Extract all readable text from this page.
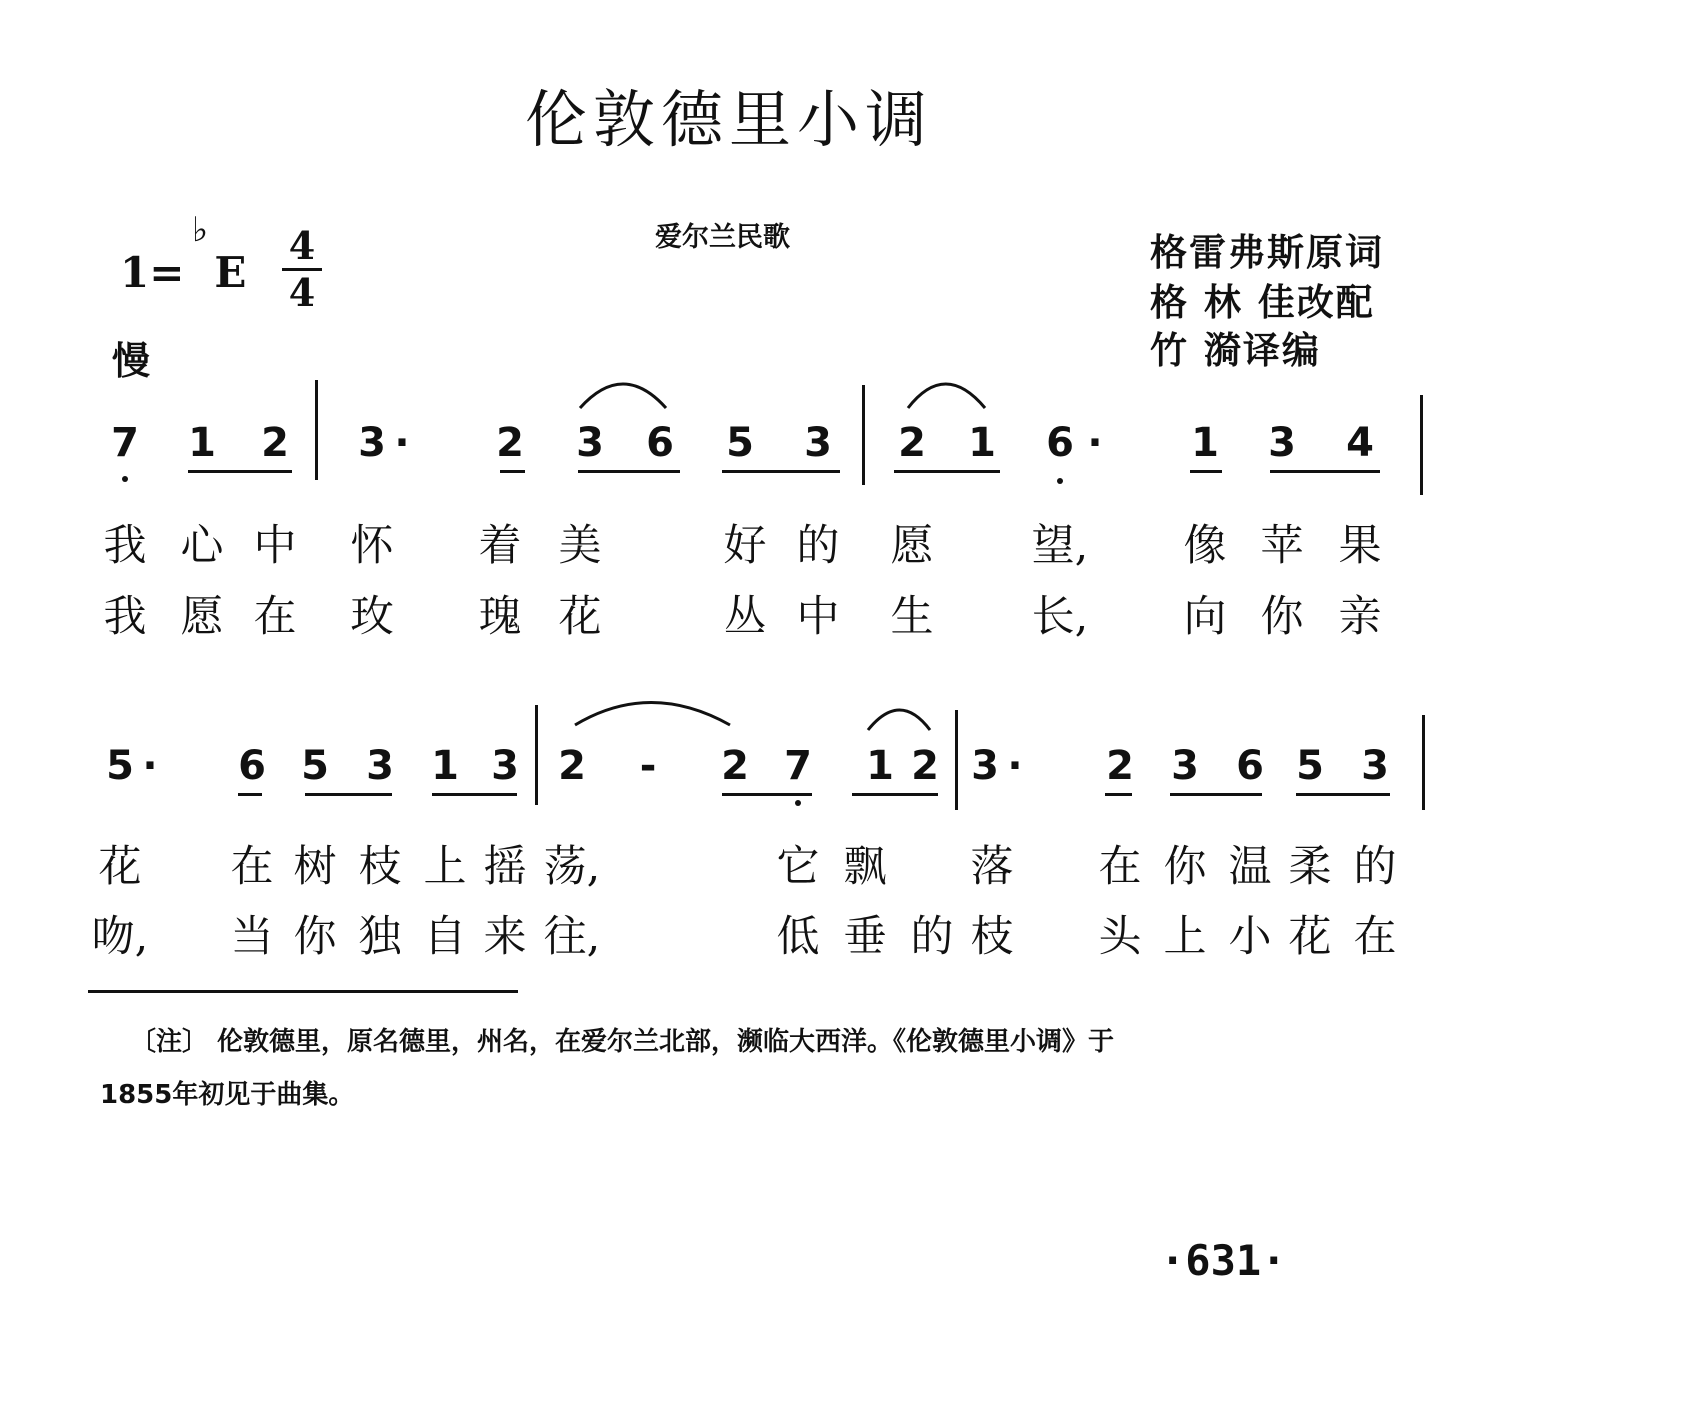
伦敦德里小调
1= E
♭ 4
4
慢
爱尔兰民歌	格雷弗斯原词
格 林 佳改配
竹 漪译编
7 1 2 3 ·	2 3 6 5 3 2 1 6 ·	1 3 4
我 心 中 怀 着 美	好 的 愿 望, 像 苹 果
我 愿 在 玫 瑰 花	丛 中 生 长, 向 你 亲
5 ·	6 5 3 1 3 2 - 2 7 1 2 3 ·	2 3 6 5 3
花 在 树 枝 上 摇 荡,	它 飘 落 在 你 温 柔 的
吻, 当 你 独 自 来 往,	低 垂 的 枝 头 上 小 花 在
〔注〕 伦敦德里，原名德里，州名，在爱尔兰北部，濒临大西洋。《伦敦德里小调》于
1855年初见于曲集。
·631·
